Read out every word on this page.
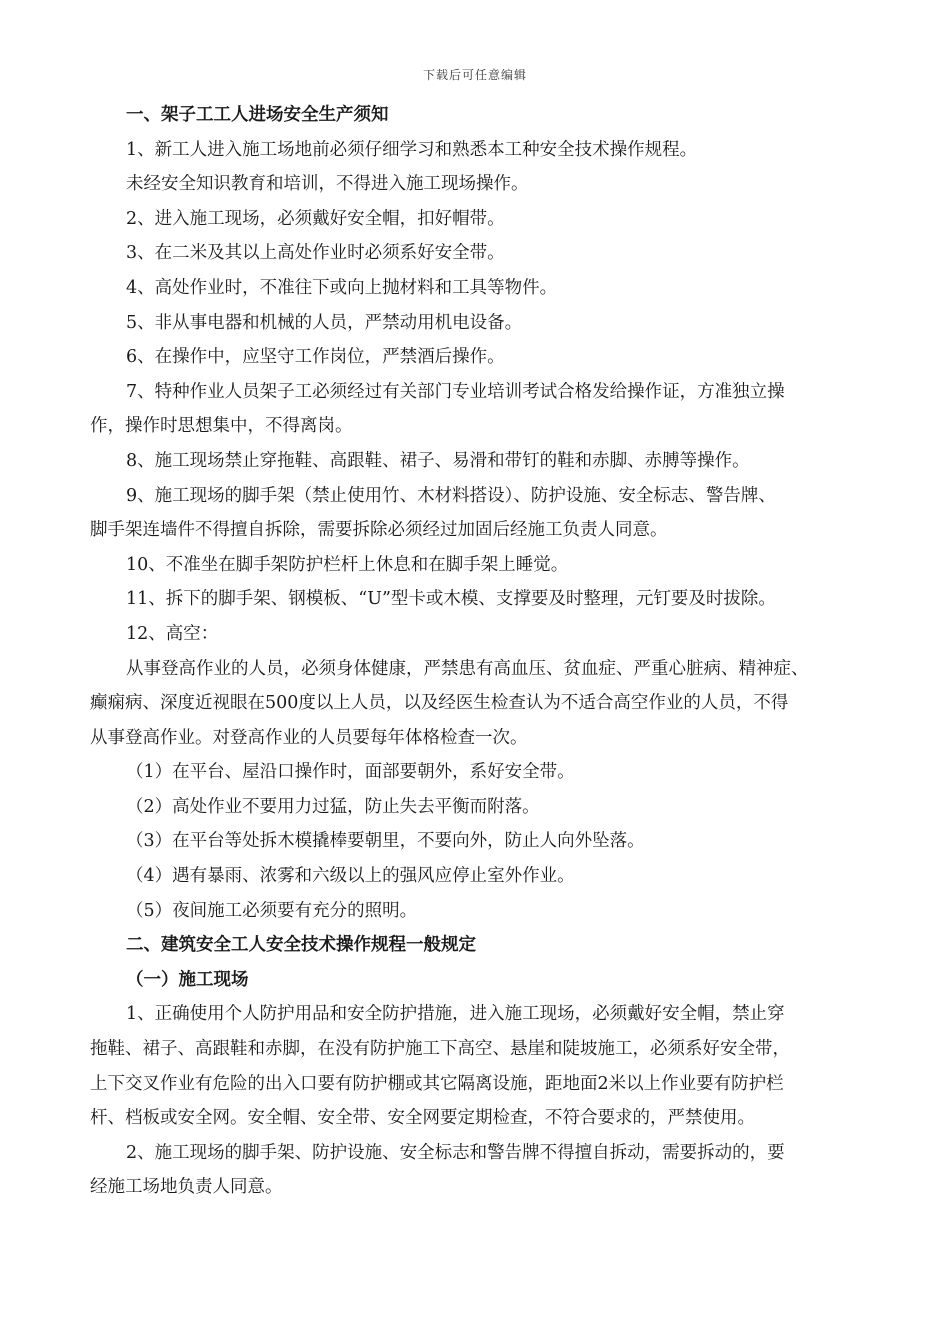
下载后可任意编辑
一、架子工工人进场安全生产须知
1、新工人进入施工场地前必须仔细学习和熟悉本工种安全技术操作规程。
未经安全知识教育和培训，不得进入施工现场操作。
2、进入施工现场，必须戴好安全帽，扣好帽带。
3、在二米及其以上高处作业时必须系好安全带。
4、高处作业时，不准往下或向上抛材料和工具等物件。
5、非从事电器和机械的人员，严禁动用机电设备。
6、在操作中，应坚守工作岗位，严禁酒后操作。
7、特种作业人员架子工必须经过有关部门专业培训考试合格发给操作证，方准独立操
作，操作时思想集中，不得离岗。
8、施工现场禁止穿拖鞋、高跟鞋、裙子、易滑和带钉的鞋和赤脚、赤膊等操作。
9、施工现场的脚手架（禁止使用竹、木材料搭设）、防护设施、安全标志、警告牌、
脚手架连墙件不得擅自拆除，需要拆除必须经过加固后经施工负责人同意。
10、不准坐在脚手架防护栏杆上休息和在脚手架上睡觉。
11、拆下的脚手架、钢模板、“U”型卡或木模、支撑要及时整理，元钉要及时拔除。
12、高空：
从事登高作业的人员，必须身体健康，严禁患有高血压、贫血症、严重心脏病、精神症、
癫痫病、深度近视眼在500度以上人员，以及经医生检查认为不适合高空作业的人员，不得
从事登高作业。对登高作业的人员要每年体格检查一次。
（1）在平台、屋沿口操作时，面部要朝外，系好安全带。
（2）高处作业不要用力过猛，防止失去平衡而附落。
（3）在平台等处拆木模撬棒要朝里，不要向外，防止人向外坠落。
（4）遇有暴雨、浓雾和六级以上的强风应停止室外作业。
（5）夜间施工必须要有充分的照明。
二、建筑安全工人安全技术操作规程一般规定
（一）施工现场
1、正确使用个人防护用品和安全防护措施，进入施工现场，必须戴好安全帽，禁止穿
拖鞋、裙子、高跟鞋和赤脚，在没有防护施工下高空、悬崖和陡坡施工，必须系好安全带，
上下交叉作业有危险的出入口要有防护棚或其它隔离设施，距地面2米以上作业要有防护栏
杆、档板或安全网。安全帽、安全带、安全网要定期检查，不符合要求的，严禁使用。
2、施工现场的脚手架、防护设施、安全标志和警告牌不得擅自拆动，需要拆动的，要
经施工场地负责人同意。
